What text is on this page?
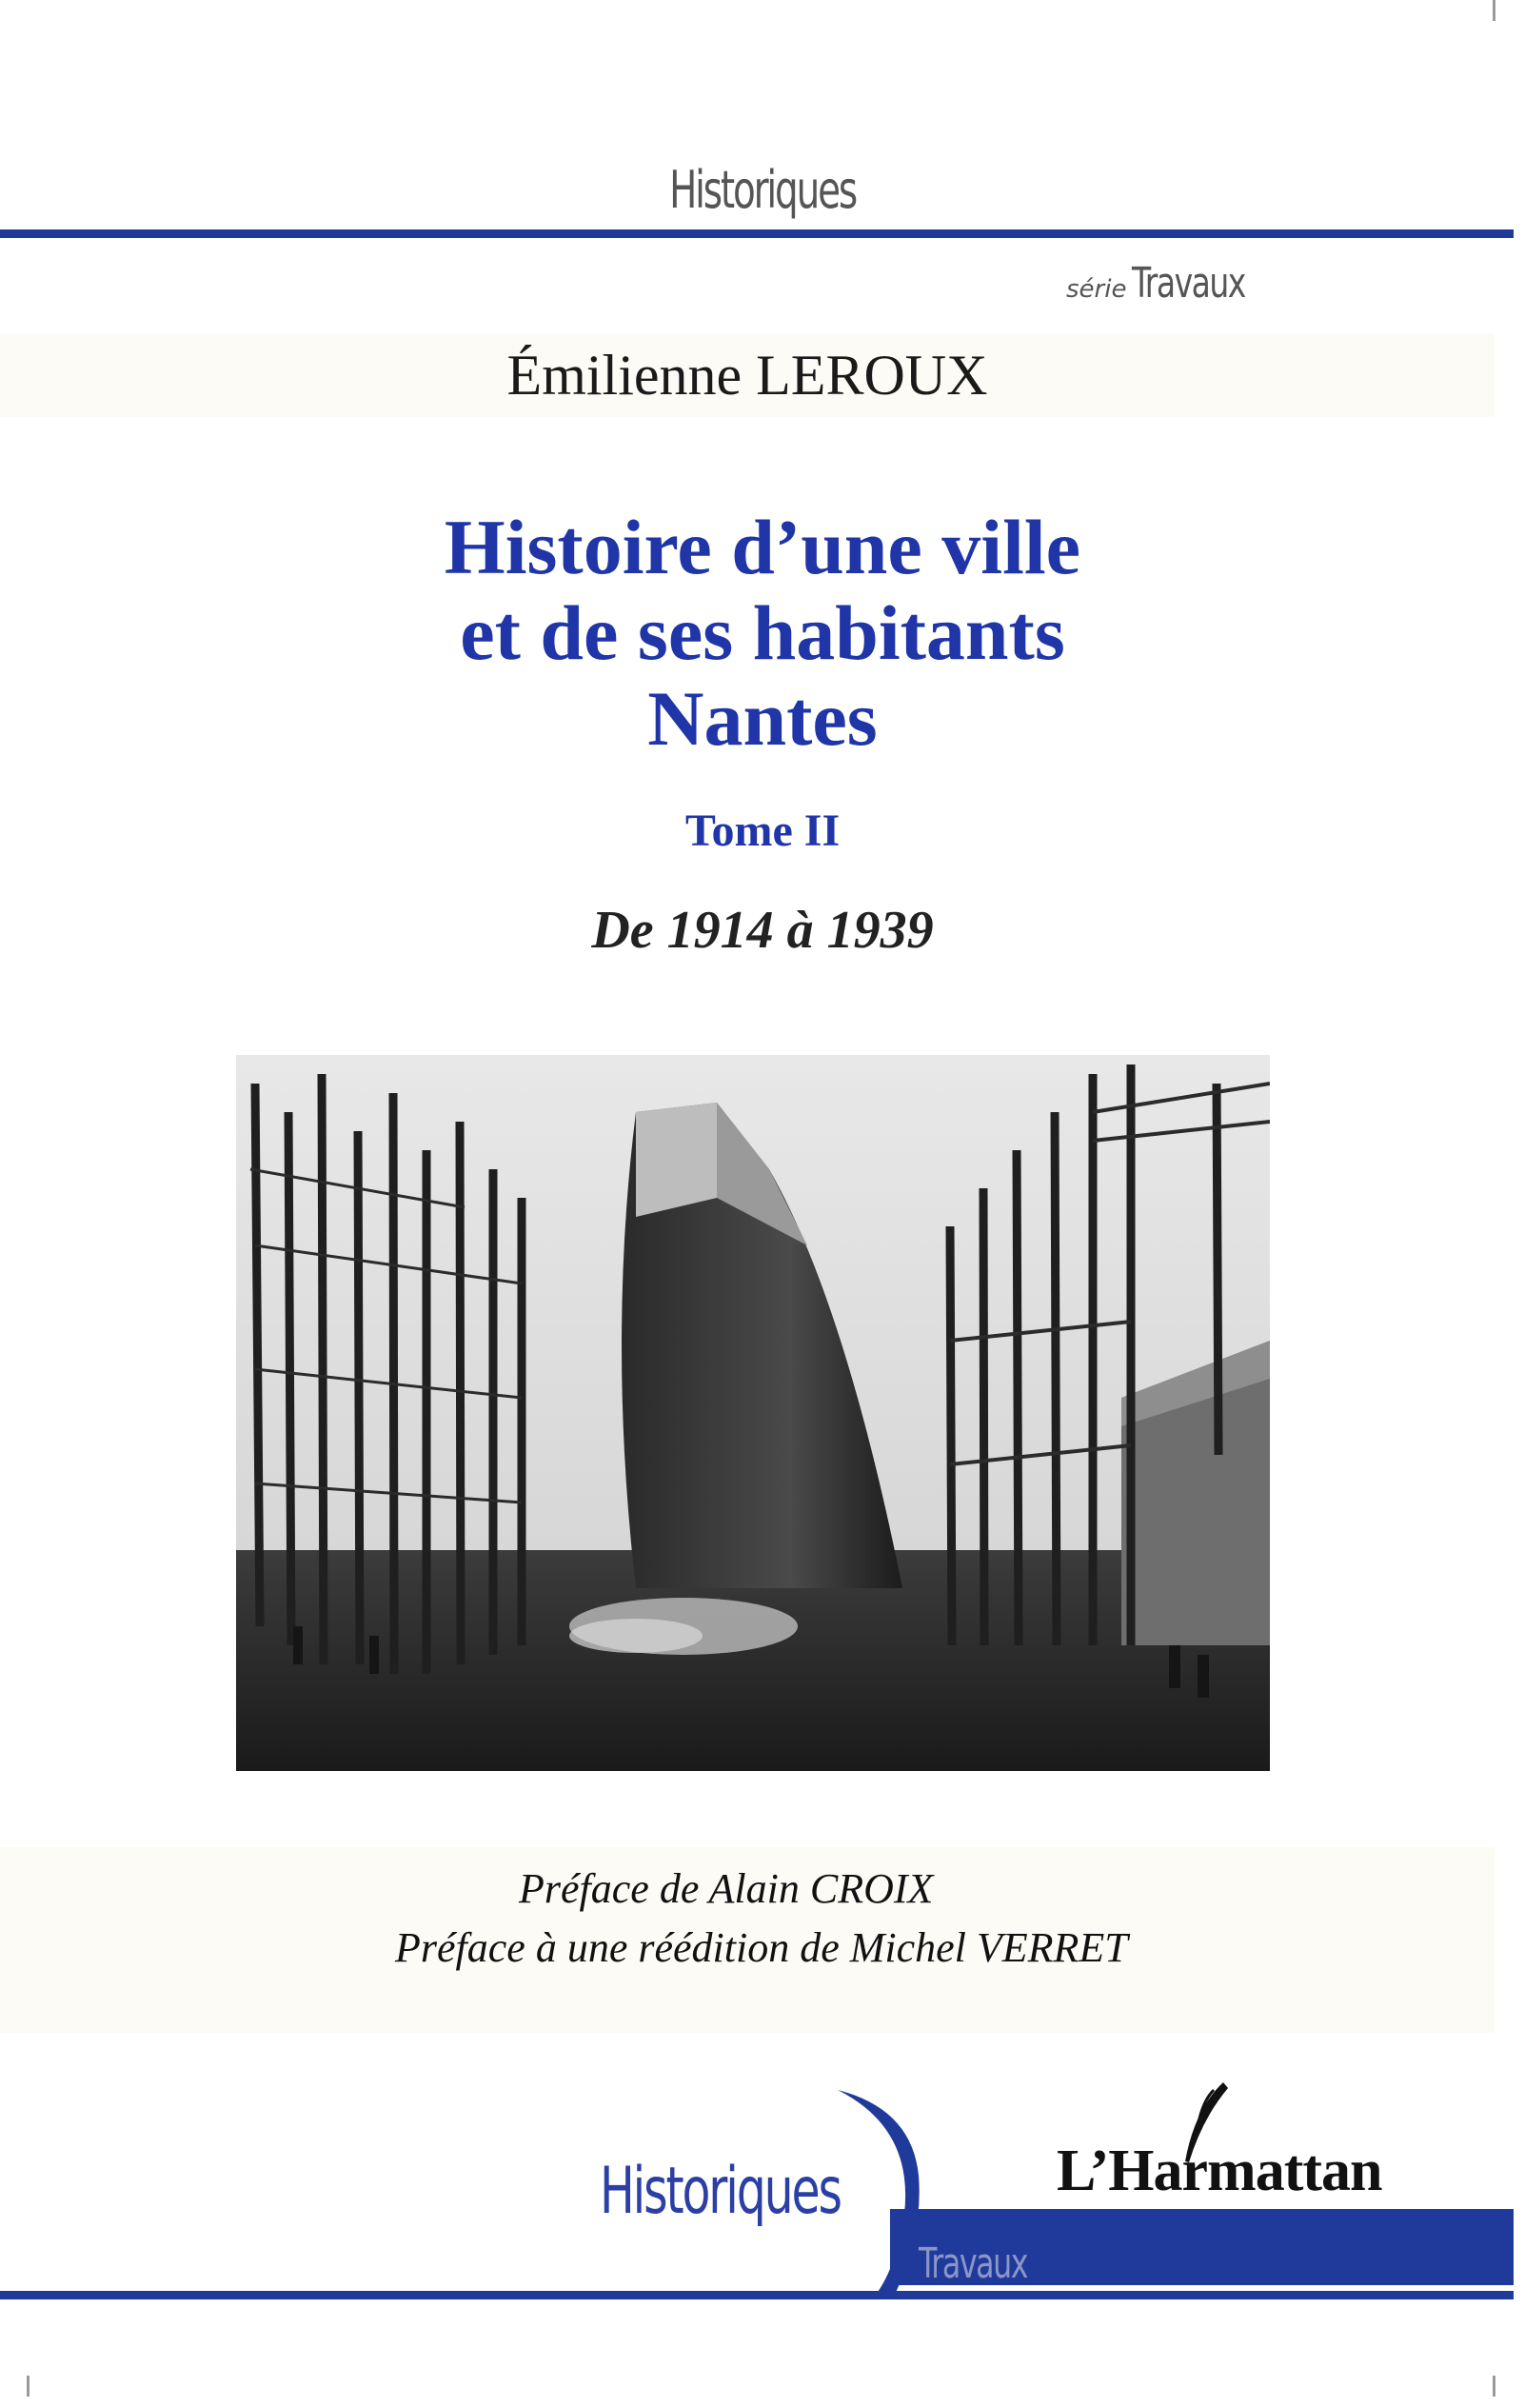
Historiques
série Travaux
Émilienne LEROUX
Histoire d’une ville
et de ses habitants
Nantes
Tome II
De 1914 à 1939
Préface de Alain CROIX
Préface à une réédition de Michel VERRET
L’Harmattan
Historiques
Travaux
